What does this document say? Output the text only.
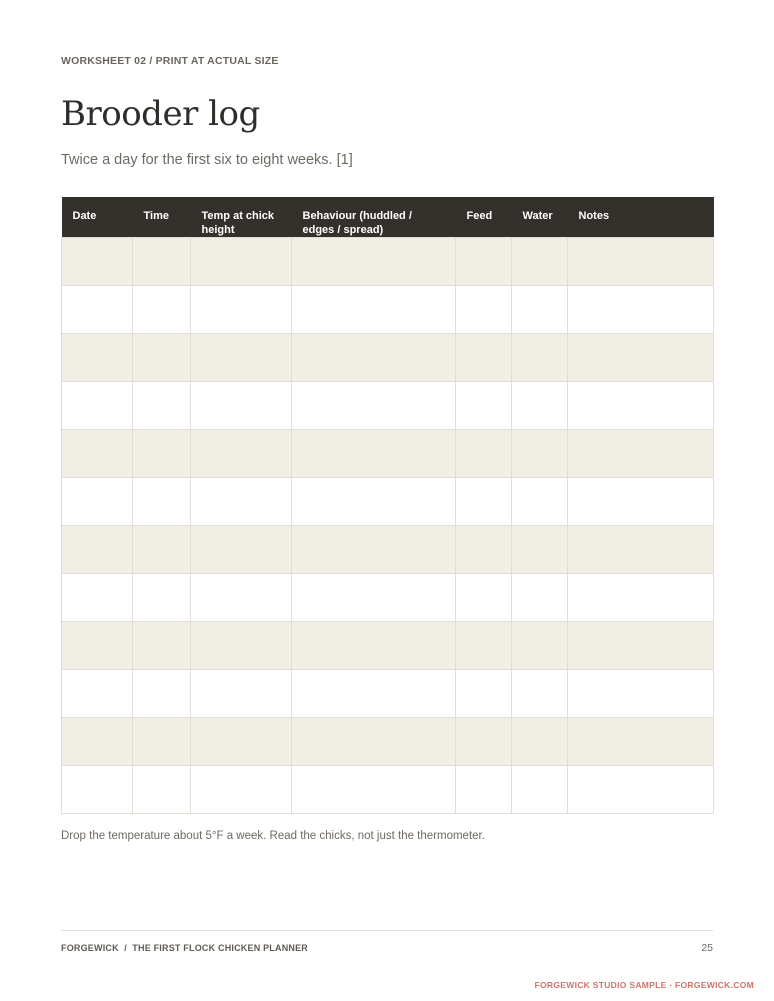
WORKSHEET 02 / PRINT AT ACTUAL SIZE
Brooder log

Twice a day for the first six to eight weeks. [1]

Date	Time	Temp at chick height	Behaviour (huddled / edges / spread)	Feed	Water	Notes

Drop the temperature about 5°F a week. Read the chicks, not just the thermometer.

FORGEWICK  /  THE FIRST FLOCK CHICKEN PLANNER	25
FORGEWICK STUDIO SAMPLE · FORGEWICK.COM
